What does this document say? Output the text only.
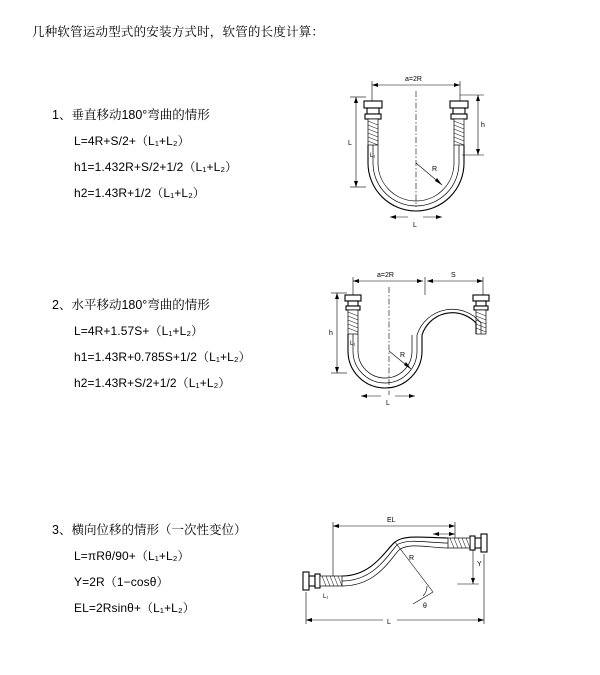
几种软管运动型式的安装方式时，软管的长度计算：

1、垂直移动180°弯曲的情形

L=4R+S/2+（L₁+L₂）

h1=1.432R+S/2+1/2（L₁+L₂）

h2=1.43R+1/2（L₁+L₂）

a=2R
h
L
L₁
R
L

2、水平移动180°弯曲的情形

L=4R+1.57S+（L₁+L₂）

h1=1.43R+0.785S+1/2（L₁+L₂）

h2=1.43R+S/2+1/2（L₁+L₂）

a=2R	S
h
L₁
R
L

3、横向位移的情形（一次性变位）

L=πRθ/90+（L₁+L₂）

Y=2R（1−cosθ）

EL=2Rsinθ+（L₁+L₂）

EL
Y
L₁
R
θ
L
